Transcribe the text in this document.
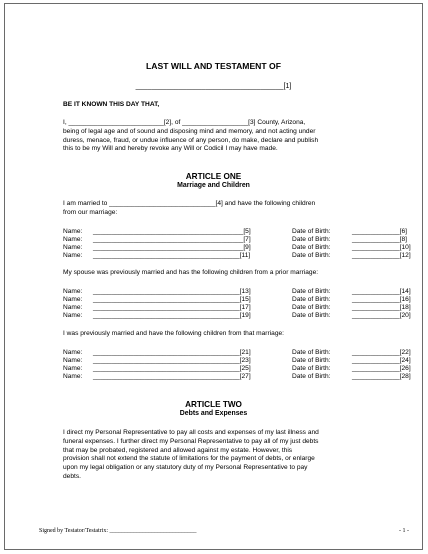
LAST WILL AND TESTAMENT OF
______________________________________[1]
BE IT KNOWN THIS DAY THAT,
I, __________________________[2], of __________________[3] County, Arizona,
being of legal age and of sound and disposing mind and memory, and not acting under
duress, menace, fraud, or undue influence of any person, do make, declare and publish
this to be my Will and hereby revoke any Will or Codicil I may have made.
ARTICLE ONE
Marriage and Children
I am married to _____________________________[4] and have the following children
from our marriage:
Name: _________________________________________[5]	Date of Birth:	_____________[6]
Name: _________________________________________[7]	Date of Birth:	_____________[8]
Name: _________________________________________[9]	Date of Birth:	_____________[10]
Name: ________________________________________[11]	Date of Birth:	_____________[12]
My spouse was previously married and has the following children from a prior marriage:
Name: ________________________________________[13]	Date of Birth:	_____________[14]
Name: ________________________________________[15]	Date of Birth:	_____________[16]
Name: ________________________________________[17]	Date of Birth:	_____________[18]
Name: ________________________________________[19]	Date of Birth:	_____________[20]
I was previously married and have the following children from that marriage:
Name: ________________________________________[21]	Date of Birth:	_____________[22]
Name: ________________________________________[23]	Date of Birth:	_____________[24]
Name: ________________________________________[25]	Date of Birth:	_____________[26]
Name: ________________________________________[27]	Date of Birth:	_____________[28]
ARTICLE TWO
Debts and Expenses
I direct my Personal Representative to pay all costs and expenses of my last illness and
funeral expenses. I further direct my Personal Representative to pay all of my just debts
that may be probated, registered and allowed against my estate. However, this
provision shall not extend the statute of limitations for the payment of debts, or enlarge
upon my legal obligation or any statutory duty of my Personal Representative to pay
debts.
Signed by Testator/Testatrix: _____________________________	- 1 -
